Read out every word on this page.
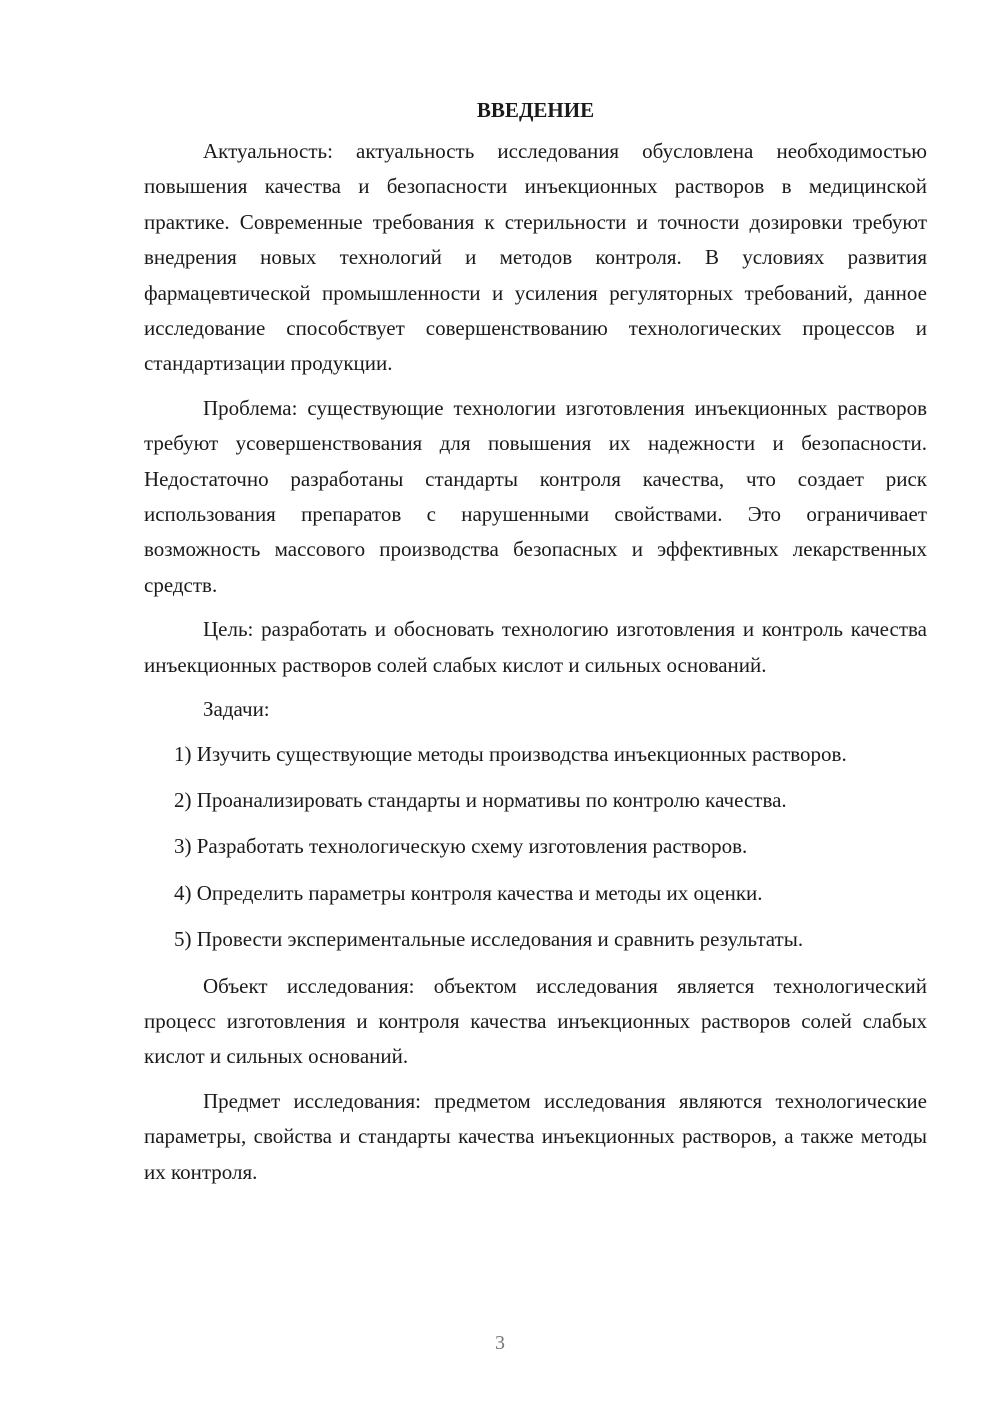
ВВЕДЕНИЕ

Актуальность: актуальность исследования обусловлена необходимостью повышения качества и безопасности инъекционных растворов в медицинской практике. Современные требования к стерильности и точности дозировки требуют внедрения новых технологий и методов контроля. В условиях развития фармацевтической промышленности и усиления регуляторных требований, данное исследование способствует совершенствованию технологических процессов и стандартизации продукции.

Проблема: существующие технологии изготовления инъекционных растворов требуют усовершенствования для повышения их надежности и безопасности. Недостаточно разработаны стандарты контроля качества, что создает риск использования препаратов с нарушенными свойствами. Это ограничивает возможность массового производства безопасных и эффективных лекарственных средств.

Цель: разработать и обосновать технологию изготовления и контроль качества инъекционных растворов солей слабых кислот и сильных оснований.

Задачи:

1) Изучить существующие методы производства инъекционных растворов.

2) Проанализировать стандарты и нормативы по контролю качества.

3) Разработать технологическую схему изготовления растворов.

4) Определить параметры контроля качества и методы их оценки.

5) Провести экспериментальные исследования и сравнить результаты.

Объект исследования: объектом исследования является технологический процесс изготовления и контроля качества инъекционных растворов солей слабых кислот и сильных оснований.

Предмет исследования: предметом исследования являются технологические параметры, свойства и стандарты качества инъекционных растворов, а также методы их контроля.

3
